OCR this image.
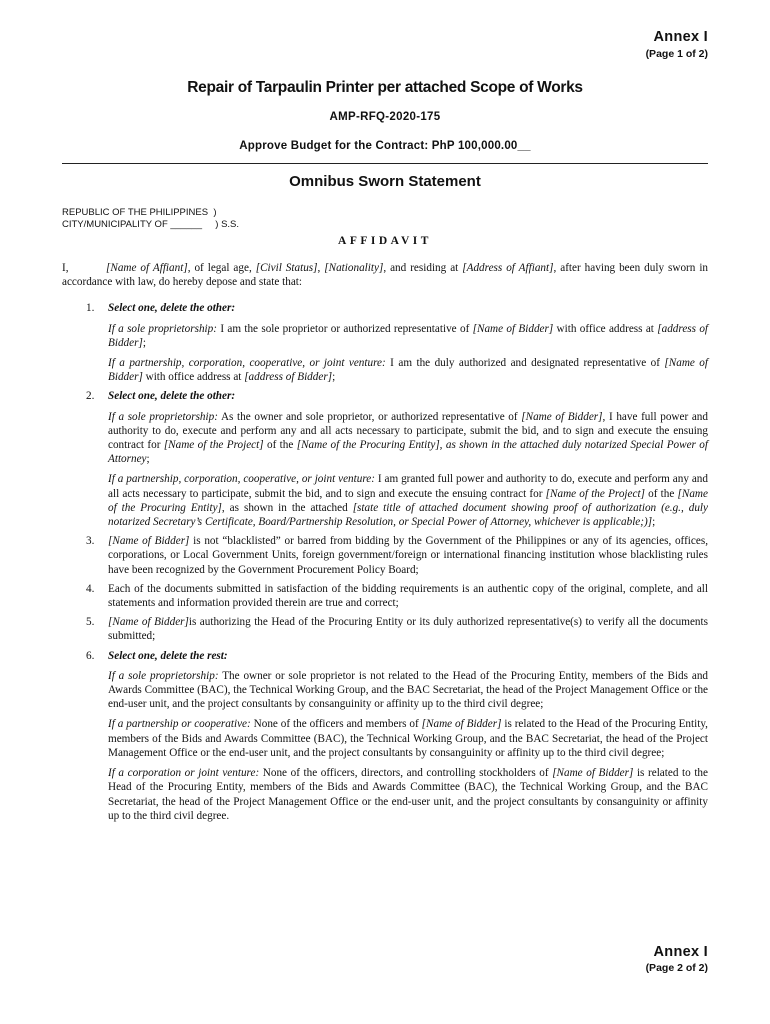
Annex I
(Page 1 of 2)
Repair of Tarpaulin Printer per attached Scope of Works
AMP-RFQ-2020-175
Approve Budget for the Contract: PhP 100,000.00__
Omnibus Sworn Statement
REPUBLIC OF THE PHILIPPINES  )
CITY/MUNICIPALITY OF ______     ) S.S.
AFFIDAVIT

I,	[Name of Affiant], of legal age, [Civil Status], [Nationality], and residing at [Address of Affiant], after having been duly sworn in accordance with law, do hereby depose and state that:

1. Select one, delete the other:

If a sole proprietorship: I am the sole proprietor or authorized representative of [Name of Bidder] with office address at [address of Bidder];

If a partnership, corporation, cooperative, or joint venture: I am the duly authorized and designated representative of [Name of Bidder] with office address at [address of Bidder];

2. Select one, delete the other:

If a sole proprietorship: As the owner and sole proprietor, or authorized representative of [Name of Bidder], I have full power and authority to do, execute and perform any and all acts necessary to participate, submit the bid, and to sign and execute the ensuing contract for [Name of the Project] of the [Name of the Procuring Entity], as shown in the attached duly notarized Special Power of Attorney;

If a partnership, corporation, cooperative, or joint venture: I am granted full power and authority to do, execute and perform any and all acts necessary to participate, submit the bid, and to sign and execute the ensuing contract for [Name of the Project] of the [Name of the Procuring Entity], as shown in the attached [state title of attached document showing proof of authorization (e.g., duly notarized Secretary’s Certificate, Board/Partnership Resolution, or Special Power of Attorney, whichever is applicable;)];

3. [Name of Bidder] is not “blacklisted” or barred from bidding by the Government of the Philippines or any of its agencies, offices, corporations, or Local Government Units, foreign government/foreign or international financing institution whose blacklisting rules have been recognized by the Government Procurement Policy Board;

4. Each of the documents submitted in satisfaction of the bidding requirements is an authentic copy of the original, complete, and all statements and information provided therein are true and correct;

5. [Name of Bidder]is authorizing the Head of the Procuring Entity or its duly authorized representative(s) to verify all the documents submitted;

6. Select one, delete the rest:

If a sole proprietorship: The owner or sole proprietor is not related to the Head of the Procuring Entity, members of the Bids and Awards Committee (BAC), the Technical Working Group, and the BAC Secretariat, the head of the Project Management Office or the end-user unit, and the project consultants by consanguinity or affinity up to the third civil degree;

If a partnership or cooperative: None of the officers and members of [Name of Bidder] is related to the Head of the Procuring Entity, members of the Bids and Awards Committee (BAC), the Technical Working Group, and the BAC Secretariat, the head of the Project Management Office or the end-user unit, and the project consultants by consanguinity or affinity up to the third civil degree;

If a corporation or joint venture: None of the officers, directors, and controlling stockholders of [Name of Bidder] is related to the Head of the Procuring Entity, members of the Bids and Awards Committee (BAC), the Technical Working Group, and the BAC Secretariat, the head of the Project Management Office or the end-user unit, and the project consultants by consanguinity or affinity up to the third civil degree.

Annex I
(Page 2 of 2)
